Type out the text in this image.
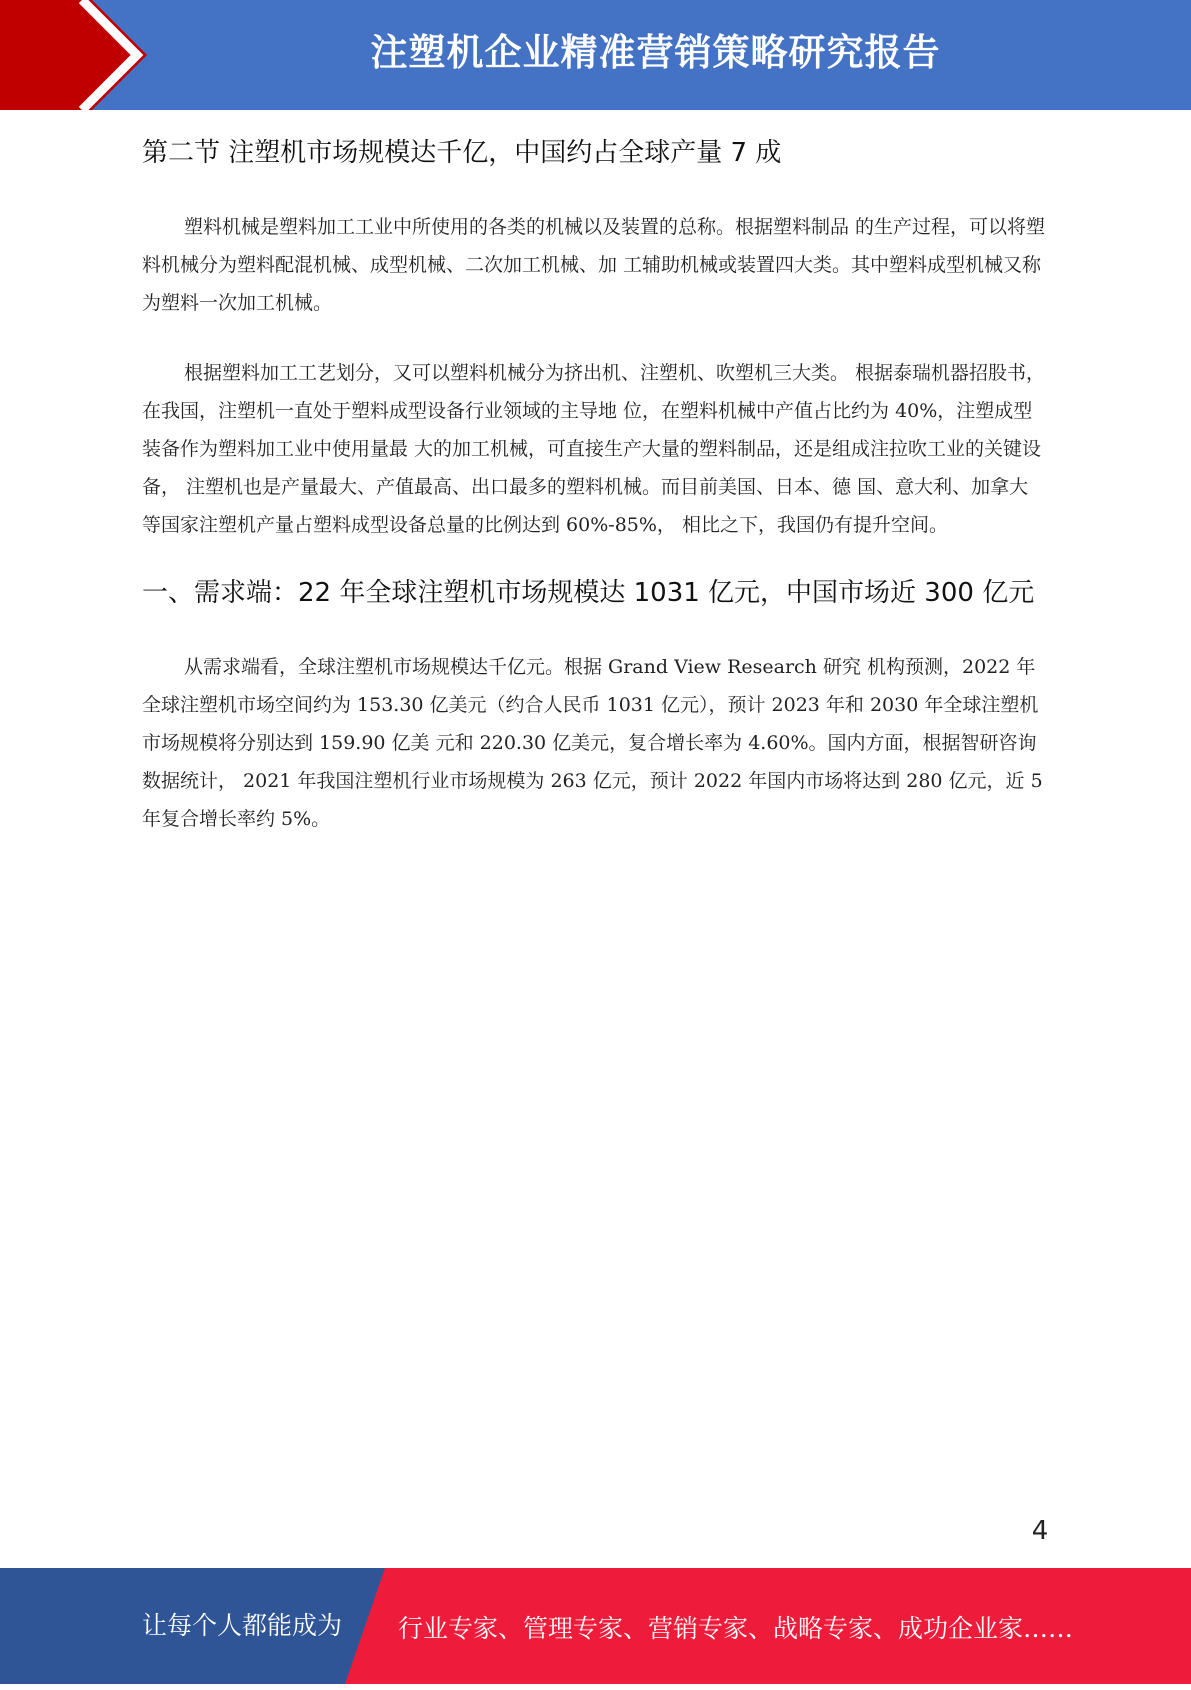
注塑机企业精准营销策略研究报告
第二节 注塑机市场规模达千亿，中国约占全球产量 7 成

塑料机械是塑料加工工业中所使用的各类的机械以及装置的总称。根据塑料制品 的生产过程，可以将塑料机械分为塑料配混机械、成型机械、二次加工机械、加 工辅助机械或装置四大类。其中塑料成型机械又称为塑料一次加工机械。

根据塑料加工工艺划分，又可以塑料机械分为挤出机、注塑机、吹塑机三大类。 根据泰瑞机器招股书，在我国，注塑机一直处于塑料成型设备行业领域的主导地 位，在塑料机械中产值占比约为 40%，注塑成型装备作为塑料加工业中使用量最 大的加工机械，可直接生产大量的塑料制品，还是组成注拉吹工业的关键设备， 注塑机也是产量最大、产值最高、出口最多的塑料机械。而目前美国、日本、德 国、意大利、加拿大等国家注塑机产量占塑料成型设备总量的比例达到 60%-85%， 相比之下，我国仍有提升空间。

一、需求端：22 年全球注塑机市场规模达 1031 亿元，中国市场近 300 亿元

从需求端看，全球注塑机市场规模达千亿元。根据 Grand View Research 研究 机构预测，2022 年全球注塑机市场空间约为 153.30 亿美元（约合人民币 1031 亿元），预计 2023 年和 2030 年全球注塑机市场规模将分别达到 159.90 亿美 元和 220.30 亿美元，复合增长率为 4.60%。国内方面，根据智研咨询数据统计， 2021 年我国注塑机行业市场规模为 263 亿元，预计 2022 年国内市场将达到 280 亿元，近 5 年复合增长率约 5%。

4
让每个人都能成为 行业专家、管理专家、营销专家、战略专家、成功企业家……
